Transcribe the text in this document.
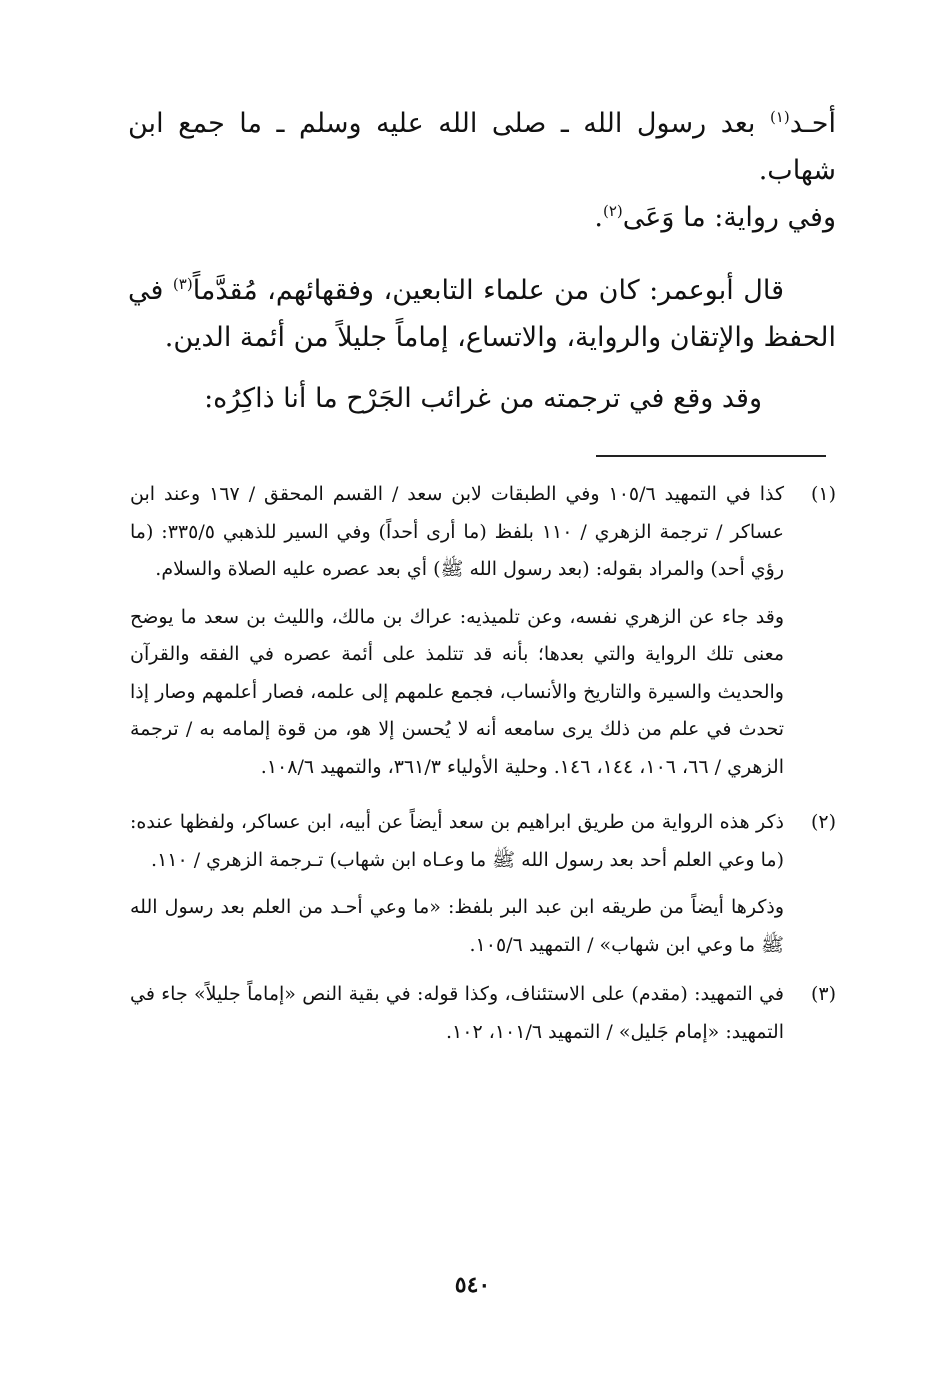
أحـد$^{(١)}$ بعد رسول الله ـ صلى الله عليه وسلم ـ ما جمع ابن شهاب.
وفي رواية: ما وَعَى$^{(٢)}$.

قال أبوعمر: كان من علماء التابعين، وفقهائهم، مُقدَّماً$^{(٣)}$ في الحفظ والإتقان والرواية، والاتساع، إماماً جليلاً من أئمة الدين.

وقد وقع في ترجمته من غرائب الجَرْح ما أنا ذاكِرُه:

(١)

كذا في التمهيد ١٠٥/٦ وفي الطبقات لابن سعد / القسم المحقق / ١٦٧ وعند ابن عساكر / ترجمة الزهري / ١١٠ بلفظ (ما أرى أحداً) وفي السير للذهبي ٣٣٥/٥: (ما رؤي أحد) والمراد بقوله: (بعد رسول الله ﷺ) أي بعد عصره عليه الصلاة والسلام.

وقد جاء عن الزهري نفسه، وعن تلميذيه: عراك بن مالك، والليث بن سعد ما يوضح معنى تلك الرواية والتي بعدها؛ بأنه قد تتلمذ على أئمة عصره في الفقه والقرآن والحديث والسيرة والتاريخ والأنساب، فجمع علمهم إلى علمه، فصار أعلمهم وصار إذا تحدث في علم من ذلك يرى سامعه أنه لا يُحسن إلا هو، من قوة إلمامه به / ترجمة الزهري / ٦٦، ١٠٦، ١٤٤، ١٤٦. وحلية الأولياء ٣٦١/٣، والتمهيد ١٠٨/٦.

(٢)

ذكر هذه الرواية من طريق ابراهيم بن سعد أيضاً عن أبيه، ابن عساكر، ولفظها عنده: (ما وعي العلم أحد بعد رسول الله ﷺ ما وعـاه ابن شهاب) تـرجمة الزهري / ١١٠.

وذكرها أيضاً من طريقه ابن عبد البر بلفظ: «ما وعي أحـد من العلم بعد رسول الله ﷺ ما وعي ابن شهاب» / التمهيد ١٠٥/٦.

(٣)

في التمهيد: (مقدم) على الاستئناف، وكذا قوله: في بقية النص «إماماً جليلاً» جاء في التمهيد: «إمام جَليل» / التمهيد ١٠١/٦، ١٠٢.

٥٤٠
